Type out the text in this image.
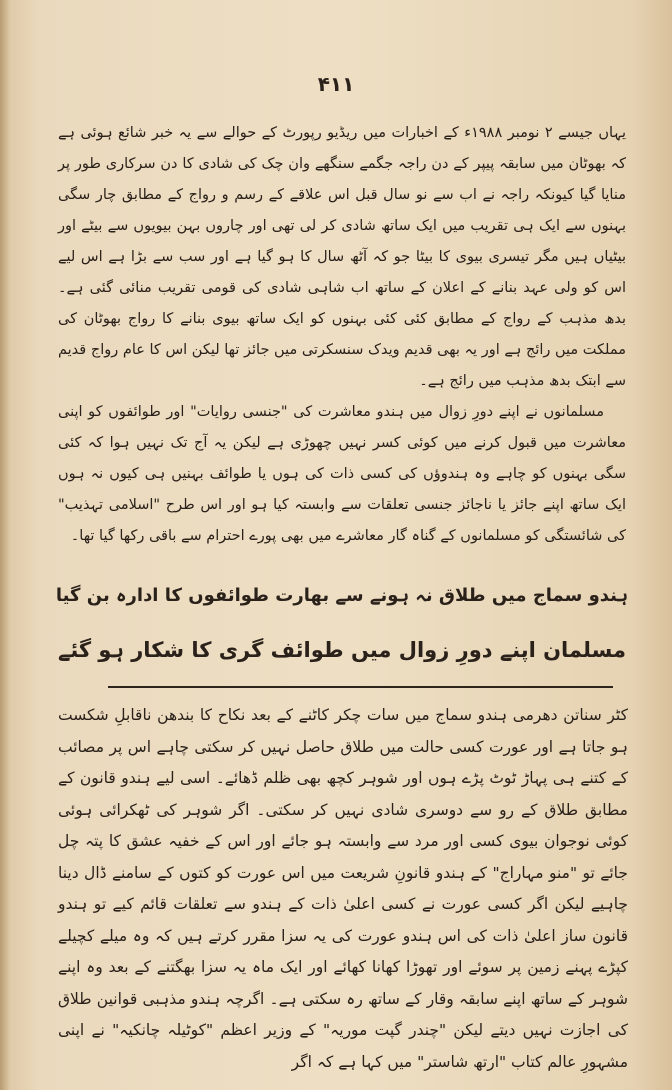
۴۱۱

یہاں جیسے ۲ نومبر ۱۹۸۸ء کے اخبارات میں ریڈیو رپورٹ کے حوالے سے یہ خبر شائع ہوئی ہے کہ بھوٹان میں سابقہ پیپر کے دن راجہ جگمے سنگھے وان چک کی شادی کا دن سرکاری طور پر منایا گیا کیونکہ راجہ نے اب سے نو سال قبل اس علاقے کے رسم و رواج کے مطابق چار سگی بہنوں سے ایک ہی تقریب میں ایک ساتھ شادی کر لی تھی اور چاروں بہن بیویوں سے بیٹے اور بیٹیاں ہیں مگر تیسری بیوی کا بیٹا جو کہ آٹھ سال کا ہو گیا ہے اور سب سے بڑا ہے اس لیے اس کو ولی عہد بنانے کے اعلان کے ساتھ اب شاہی شادی کی قومی تقریب منائی گئی ہے۔ بدھ مذہب کے رواج کے مطابق کئی کئی بہنوں کو ایک ساتھ بیوی بنانے کا رواج بھوٹان کی مملکت میں رائج ہے اور یہ بھی قدیم ویدک سنسکرتی میں جائز تھا لیکن اس کا عام رواج قدیم سے ابتک بدھ مذہب میں رائج ہے۔

مسلمانوں نے اپنے دورِ زوال میں ہندو معاشرت کی "جنسی روایات" اور طوائفوں کو اپنی معاشرت میں قبول کرنے میں کوئی کسر نہیں چھوڑی ہے لیکن یہ آج تک نہیں ہوا کہ کئی سگی بہنوں کو چاہے وہ ہندوؤں کی کسی ذات کی ہوں یا طوائف بہنیں ہی کیوں نہ ہوں ایک ساتھ اپنے جائز یا ناجائز جنسی تعلقات سے وابستہ کیا ہو اور اس طرح "اسلامی تہذیب" کی شائستگی کو مسلمانوں کے گناہ گار معاشرے میں بھی پورے احترام سے باقی رکھا گیا تھا۔

ہندو سماج میں طلاق نہ ہونے سے بھارت طوائفوں کا ادارہ بن گیا
مسلمان اپنے دورِ زوال میں طوائف گری کا شکار ہو گئے

کٹر سناتن دھرمی ہندو سماج میں سات چکر کاٹنے کے بعد نکاح کا بندھن ناقابلِ شکست ہو جاتا ہے اور عورت کسی حالت میں طلاق حاصل نہیں کر سکتی چاہے اس پر مصائب کے کتنے ہی پہاڑ ٹوٹ پڑے ہوں اور شوہر کچھ بھی ظلم ڈھائے۔ اسی لیے ہندو قانون کے مطابق طلاق کے رو سے دوسری شادی نہیں کر سکتی۔ اگر شوہر کی ٹھکرائی ہوئی کوئی نوجوان بیوی کسی اور مرد سے وابستہ ہو جائے اور اس کے خفیہ عشق کا پتہ چل جائے تو "منو مہاراج" کے ہندو قانونِ شریعت میں اس عورت کو کتوں کے سامنے ڈال دینا چاہیے لیکن اگر کسی عورت نے کسی اعلیٰ ذات کے ہندو سے تعلقات قائم کیے تو ہندو قانون ساز اعلیٰ ذات کی اس ہندو عورت کی یہ سزا مقرر کرتے ہیں کہ وہ میلے کچیلے کپڑے پہنے زمین پر سوئے اور تھوڑا کھانا کھائے اور ایک ماہ یہ سزا بھگتنے کے بعد وہ اپنے شوہر کے ساتھ اپنے سابقہ وقار کے ساتھ رہ سکتی ہے۔ اگرچہ ہندو مذہبی قوانین طلاق کی اجازت نہیں دیتے لیکن "چندر گپت موریہ" کے وزیر اعظم "کوٹیلہ چانکیہ" نے اپنی مشہورِ عالم کتاب "ارتھ شاستر" میں کہا ہے کہ اگر
